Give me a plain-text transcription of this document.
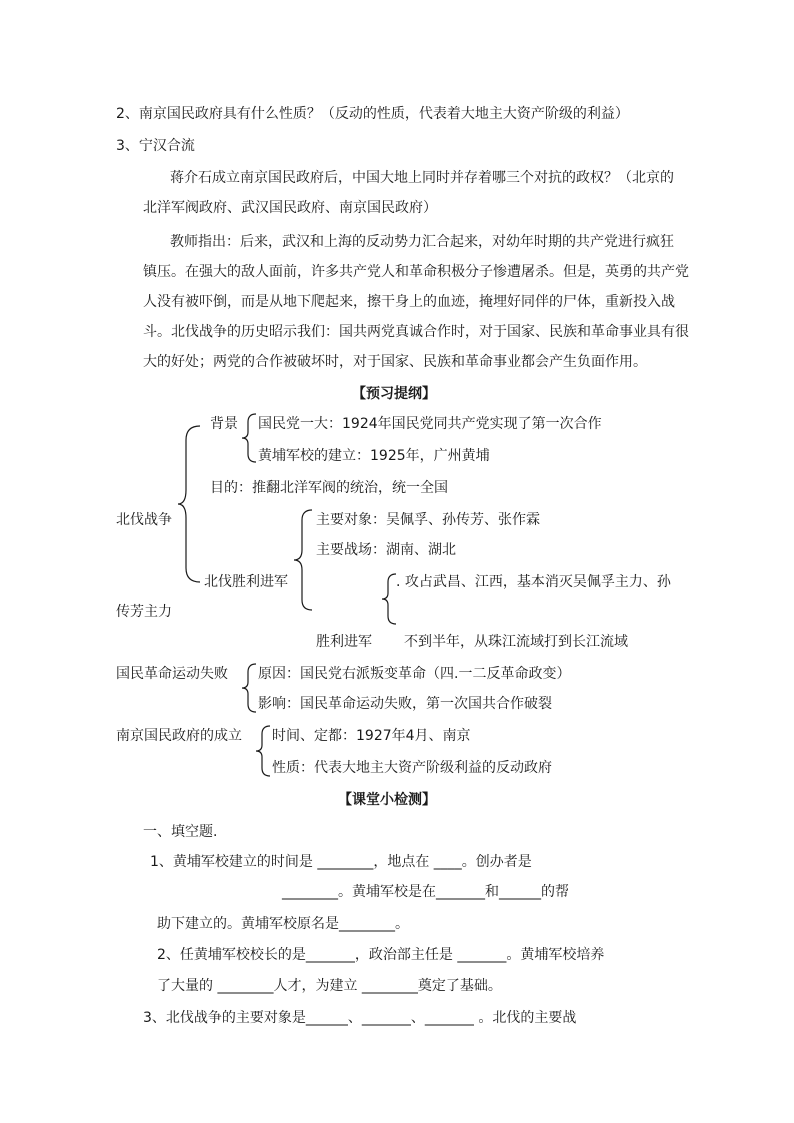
2、南京国民政府具有什么性质？（反动的性质，代表着大地主大资产阶级的利益）
3、宁汉合流
蒋介石成立南京国民政府后，中国大地上同时并存着哪三个对抗的政权？（北京的
北洋军阀政府、武汉国民政府、南京国民政府）
教师指出：后来，武汉和上海的反动势力汇合起来，对幼年时期的共产党进行疯狂
镇压。在强大的敌人面前，许多共产党人和革命积极分子惨遭屠杀。但是，英勇的共产党
人没有被吓倒，而是从地下爬起来，擦干身上的血迹，掩埋好同伴的尸体，重新投入战
斗。北伐战争的历史昭示我们：国共两党真诚合作时，对于国家、民族和革命事业具有很
大的好处；两党的合作被破坏时，对于国家、民族和革命事业都会产生负面作用。
【预习提纲】
北伐战争
背景 国民党一大：1924年国民党同共产党实现了第一次合作
黄埔军校的建立：1925年，广州黄埔
目的：推翻北洋军阀的统治，统一全国
北伐胜利进军
主要对象：吴佩孚、孙传芳、张作霖
主要战场：湖南、湖北
. 攻占武昌、江西，基本消灭吴佩孚主力、孙
传芳主力
胜利进军 不到半年，从珠江流域打到长江流域
国民革命运动失败 原因：国民党右派叛变革命（四.一二反革命政变）
影响：国民革命运动失败，第一次国共合作破裂
南京国民政府的成立 时间、定都：1927年4月、南京
性质：代表大地主大资产阶级利益的反动政府
【课堂小检测】
一、填空题.
1、黄埔军校建立的时间是 ________，地点在 ____。创办者是
________。黄埔军校是在_______和______的帮
助下建立的。黄埔军校原名是________。
2、任黄埔军校校长的是_______，政治部主任是 _______。黄埔军校培养
了大量的 ________人才，为建立 ________奠定了基础。
3、北伐战争的主要对象是______、_______、_______ 。北伐的主要战
